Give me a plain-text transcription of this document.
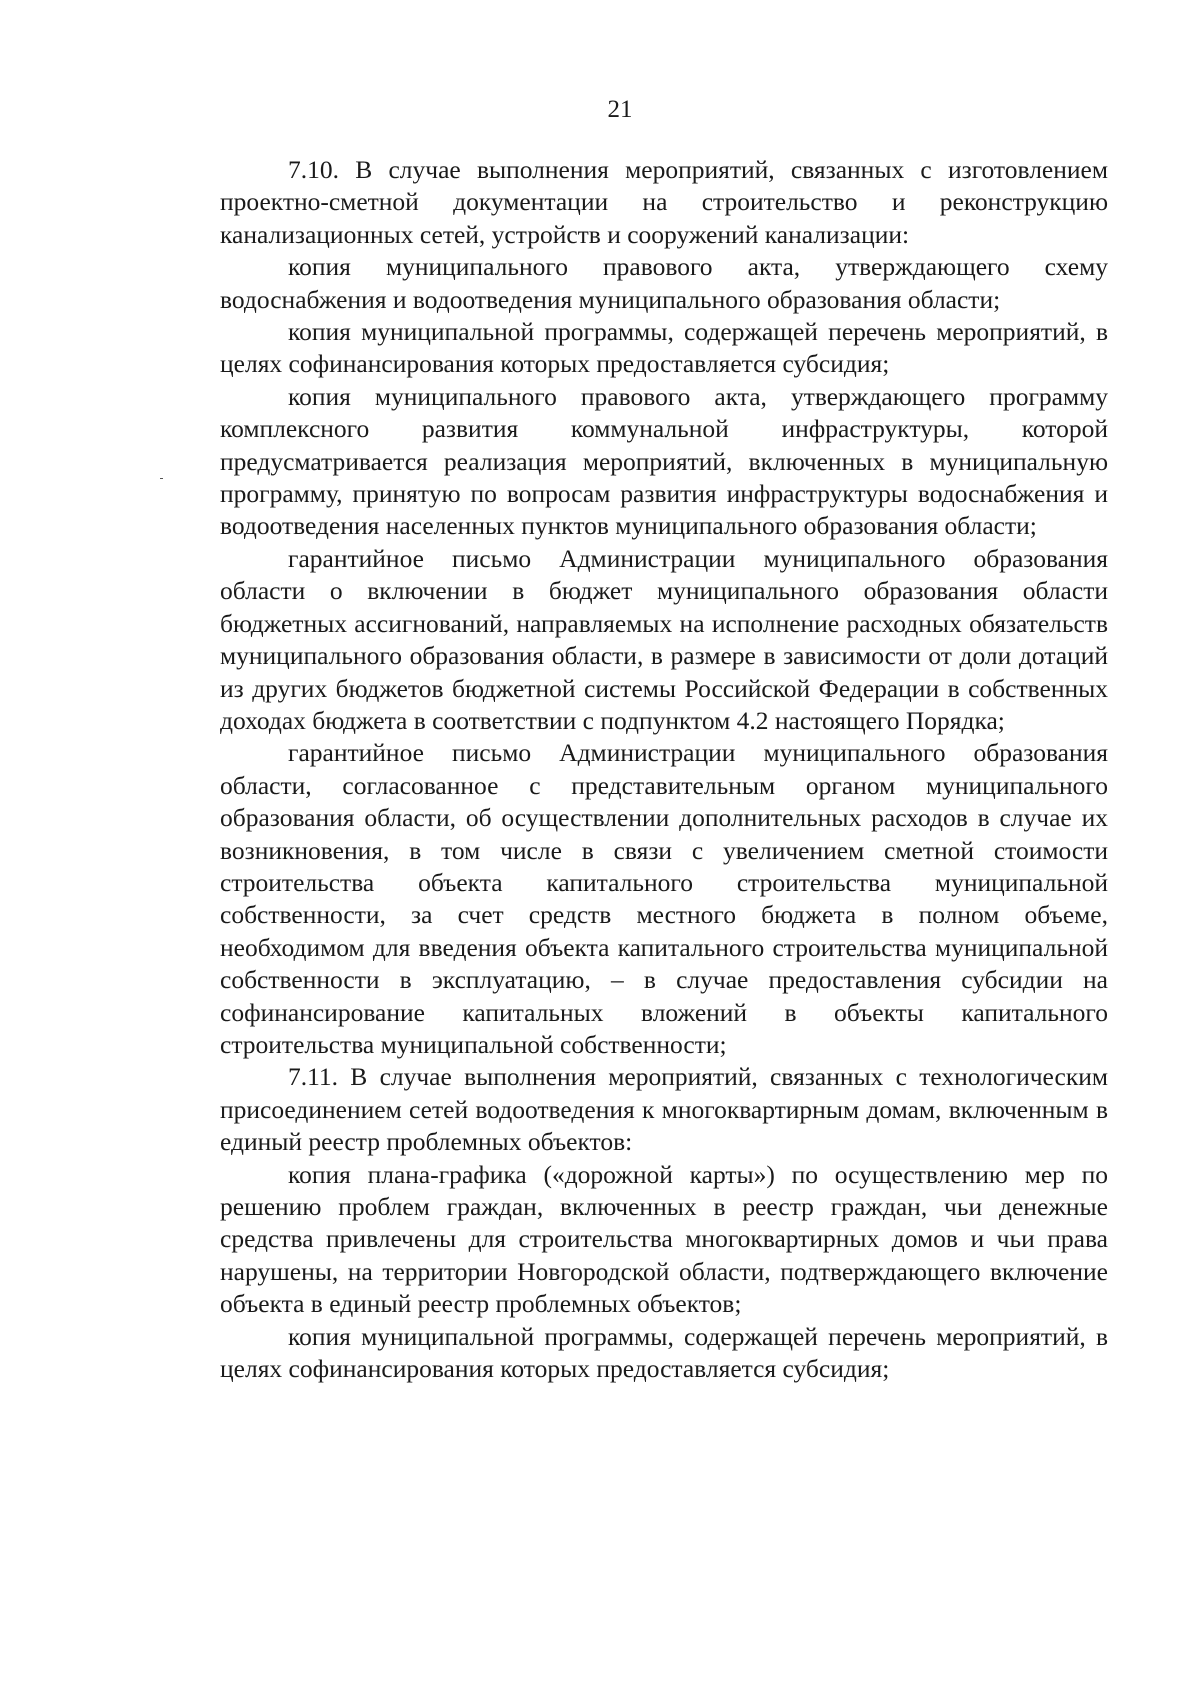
21

7.10. В случае выполнения мероприятий, связанных с изготовлением проектно-сметной документации на строительство и реконструкцию канализационных сетей, устройств и сооружений канализации:

копия муниципального правового акта, утверждающего схему водоснабжения и водоотведения муниципального образования области;

копия муниципальной программы, содержащей перечень мероприятий, в целях софинансирования которых предоставляется субсидия;

копия муниципального правового акта, утверждающего программу комплексного развития коммунальной инфраструктуры, которой предусматривается реализация мероприятий, включенных в муниципальную программу, принятую по вопросам развития инфраструктуры водоснабжения и водоотведения населенных пунктов муниципального образования области;

гарантийное письмо Администрации муниципального образования области о включении в бюджет муниципального образования области бюджетных ассигнований, направляемых на исполнение расходных обязательств муниципального образования области, в размере в зависимости от доли дотаций из других бюджетов бюджетной системы Российской Федерации в собственных доходах бюджета в соответствии с подпунктом 4.2 настоящего Порядка;

гарантийное письмо Администрации муниципального образования области, согласованное с представительным органом муниципального образования области, об осуществлении дополнительных расходов в случае их возникновения, в том числе в связи с увеличением сметной стоимости строительства объекта капитального строительства муниципальной собственности, за счет средств местного бюджета в полном объеме, необходимом для введения объекта капитального строительства муниципальной собственности в эксплуатацию, – в случае предоставления субсидии на софинансирование капитальных вложений в объекты капитального строительства муниципальной собственности;

7.11. В случае выполнения мероприятий, связанных с технологическим присоединением сетей водоотведения к многоквартирным домам, включенным в единый реестр проблемных объектов:

копия плана-графика («дорожной карты») по осуществлению мер по решению проблем граждан, включенных в реестр граждан, чьи денежные средства привлечены для строительства многоквартирных домов и чьи права нарушены, на территории Новгородской области, подтверждающего включение объекта в единый реестр проблемных объектов;

копия муниципальной программы, содержащей перечень мероприятий, в целях софинансирования которых предоставляется субсидия;
